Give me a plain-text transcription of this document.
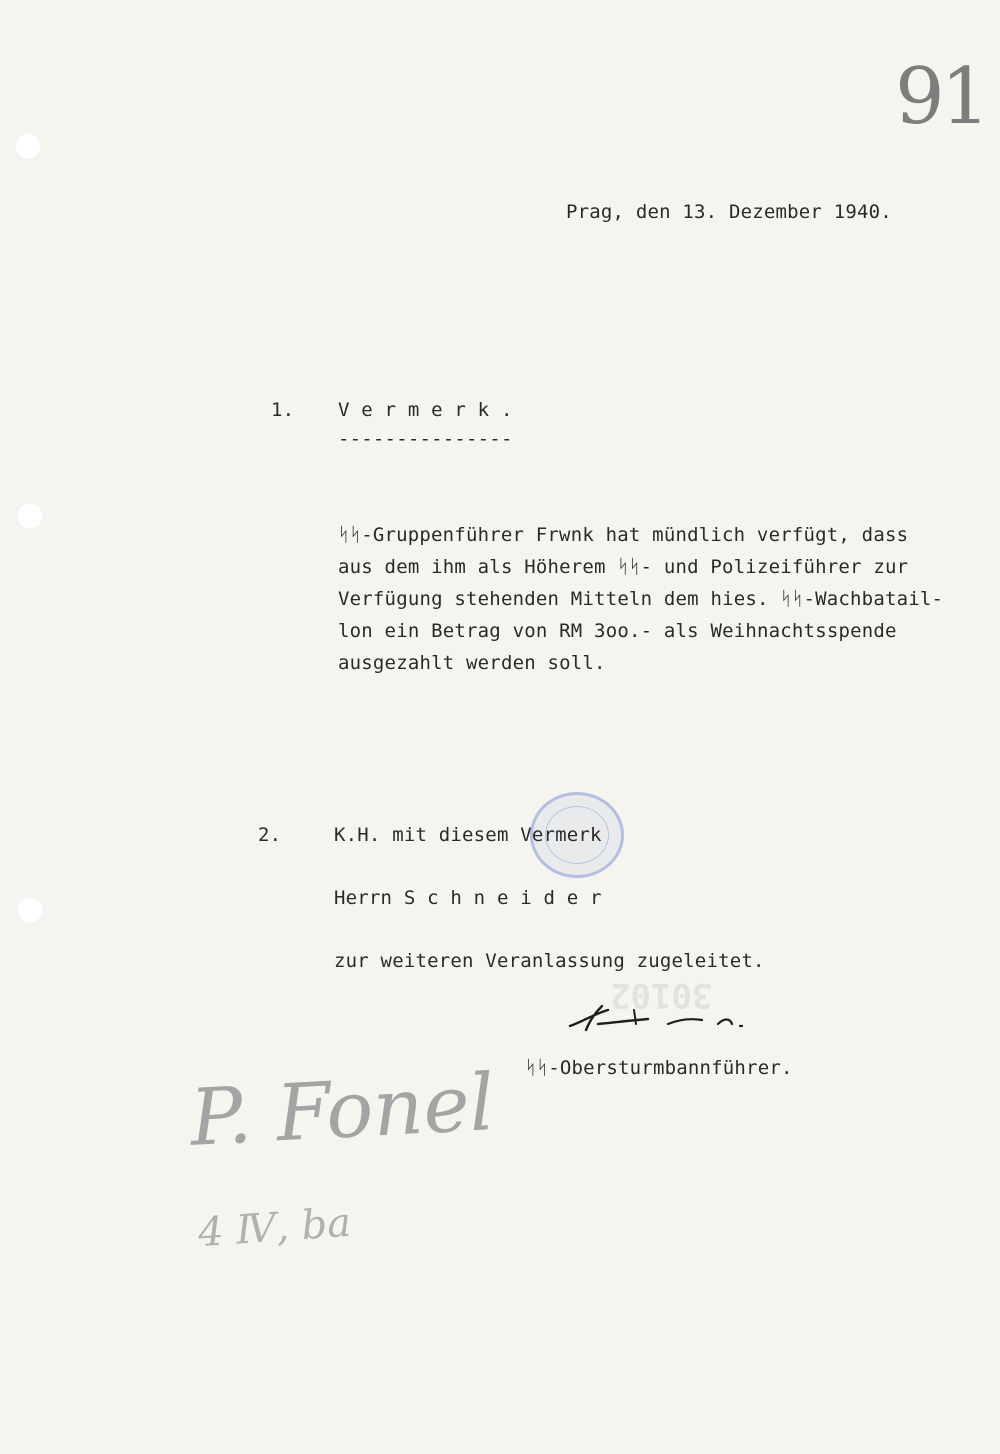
91
Prag, den 13. Dezember 1940.
1. V e r m e r k .
---------------
ᛋᛋ-Gruppenführer Frwnk hat mündlich verfügt, dass
aus dem ihm als Höherem ᛋᛋ- und Polizeiführer zur
Verfügung stehenden Mitteln dem hies. ᛋᛋ-Wachbatail-
lon ein Betrag von RM 3oo.- als Weihnachtsspende
ausgezahlt werden soll.
2.	K.H. mit diesem Vermerk
Herrn S c h n e i d e r
zur weiteren Veranlassung zugeleitet.
30102
ᛋᛋ-Obersturmbannführer.
P. Fonel
4 Ⅳ, ba
